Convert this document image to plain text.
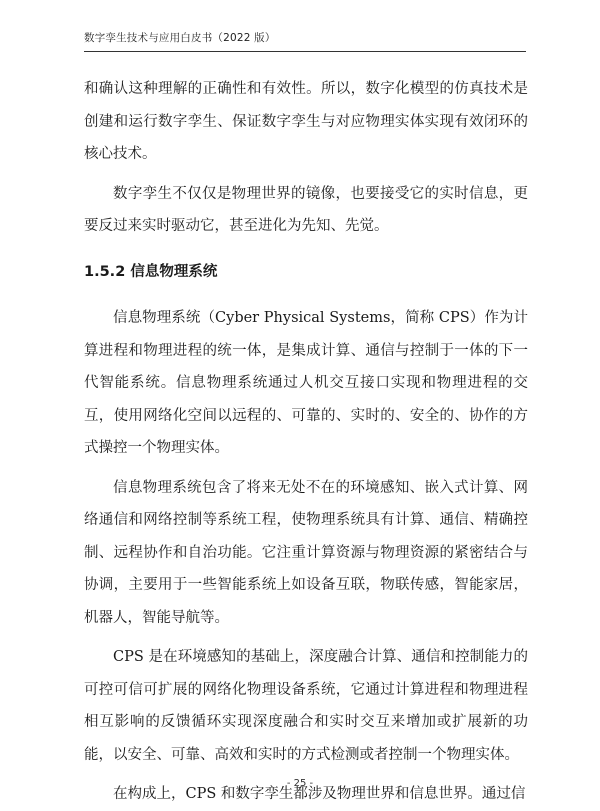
数字孪生技术与应用白皮书（2022 版）

和确认这种理解的正确性和有效性。所以，数字化模型的仿真技术是创建和运行数字孪生、保证数字孪生与对应物理实体实现有效闭环的核心技术。

数字孪生不仅仅是物理世界的镜像，也要接受它的实时信息，更要反过来实时驱动它，甚至进化为先知、先觉。

1.5.2 信息物理系统

信息物理系统（Cyber Physical Systems，简称 CPS）作为计算进程和物理进程的统一体，是集成计算、通信与控制于一体的下一代智能系统。信息物理系统通过人机交互接口实现和物理进程的交互，使用网络化空间以远程的、可靠的、实时的、安全的、协作的方式操控一个物理实体。

信息物理系统包含了将来无处不在的环境感知、嵌入式计算、网络通信和网络控制等系统工程，使物理系统具有计算、通信、精确控制、远程协作和自治功能。它注重计算资源与物理资源的紧密结合与协调，主要用于一些智能系统上如设备互联，物联传感，智能家居，机器人，智能导航等。

CPS 是在环境感知的基础上，深度融合计算、通信和控制能力的可控可信可扩展的网络化物理设备系统，它通过计算进程和物理进程相互影响的反馈循环实现深度融合和实时交互来增加或扩展新的功能，以安全、可靠、高效和实时的方式检测或者控制一个物理实体。

在构成上，CPS 和数字孪生都涉及物理世界和信息世界。通过信

- 25 -
